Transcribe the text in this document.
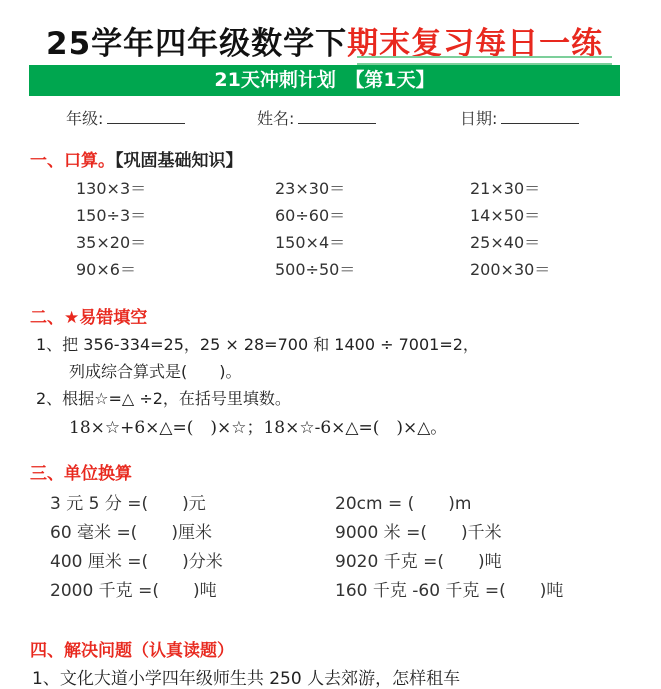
25学年四年级数学下期末复习每日一练
21天冲刺计划　【第1天】
年级:	姓名:	日期:
一、口算。【巩固基础知识】
130×3＝	23×30＝	21×30＝
150÷3＝	60÷60＝	14×50＝
35×20＝	150×4＝	25×40＝
90×6＝	500÷50＝	200×30＝
二、★易错填空
1、把 356-334=25，25 × 28=700 和 1400 ÷ 7001=2，
列成综合算式是(　　)。
2、根据☆=△ ÷2，在括号里填数。
18×☆+6×△=(　)×☆；18×☆-6×△=(　)×△。
三、单位换算
3 元 5 分 =(　　)元	20cm = (　　)m
60 毫米 =(　　)厘米	9000 米 =(　　)千米
400 厘米 =(　　)分米	9020 千克 =(　　)吨
2000 千克 =(　　)吨	160 千克 -60 千克 =(　　)吨
四、解决问题（认真读题）
1、文化大道小学四年级师生共 250 人去郊游，怎样租车
